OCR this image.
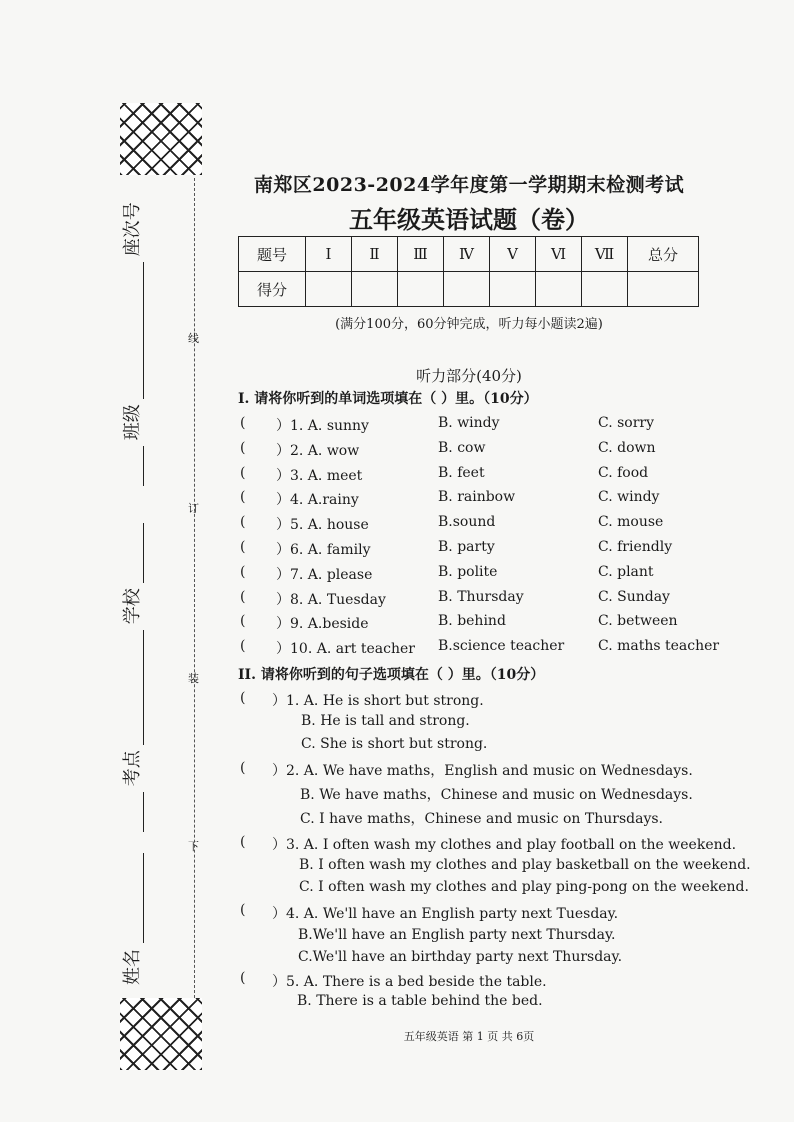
座次号
班级
学校
考点
姓名
线
订
装
下
南郑区2023-2024学年度第一学期期末检测考试
五年级英语试题（卷）
题号	Ⅰ	Ⅱ	Ⅲ	Ⅳ	Ⅴ	Ⅵ	Ⅶ	总分
得分								
(满分100分，60分钟完成，听力每小题读2遍)
听力部分(40分)
I. 请将你听到的单词选项填在（ ）里。（10分）
( ）1. A. sunny	B. windy	C. sorry
( ）2. A. wow	B. cow	C. down
( ）3. A. meet	B. feet	C. food
( ）4. A.rainy	B. rainbow	C. windy
( ）5. A. house	B.sound	C. mouse
( ）6. A. family	B. party	C. friendly
( ）7. A. please	B. polite	C. plant
( ）8. A. Tuesday	B. Thursday	C. Sunday
( ）9. A.beside	B. behind	C. between
( ）10. A. art teacher B.science teacher C. maths teacher
II. 请将你听到的句子选项填在（ ）里。（10分）
( ）1. A. He is short but strong.
B. He is tall and strong.
C. She is short but strong.
( ）2. A. We have maths，English and music on Wednesdays.
B. We have maths，Chinese and music on Wednesdays.
C. I have maths，Chinese and music on Thursdays.
( ）3. A. I often wash my clothes and play football on the weekend.
B. I often wash my clothes and play basketball on the weekend.
C. I often wash my clothes and play ping-pong on the weekend.
( ）4. A. We'll have an English party next Tuesday.
B.We'll have an English party next Thursday.
C.We'll have an birthday party next Thursday.
( ）5. A. There is a bed beside the table.
B. There is a table behind the bed.
五年级英语 第 1 页 共 6页
